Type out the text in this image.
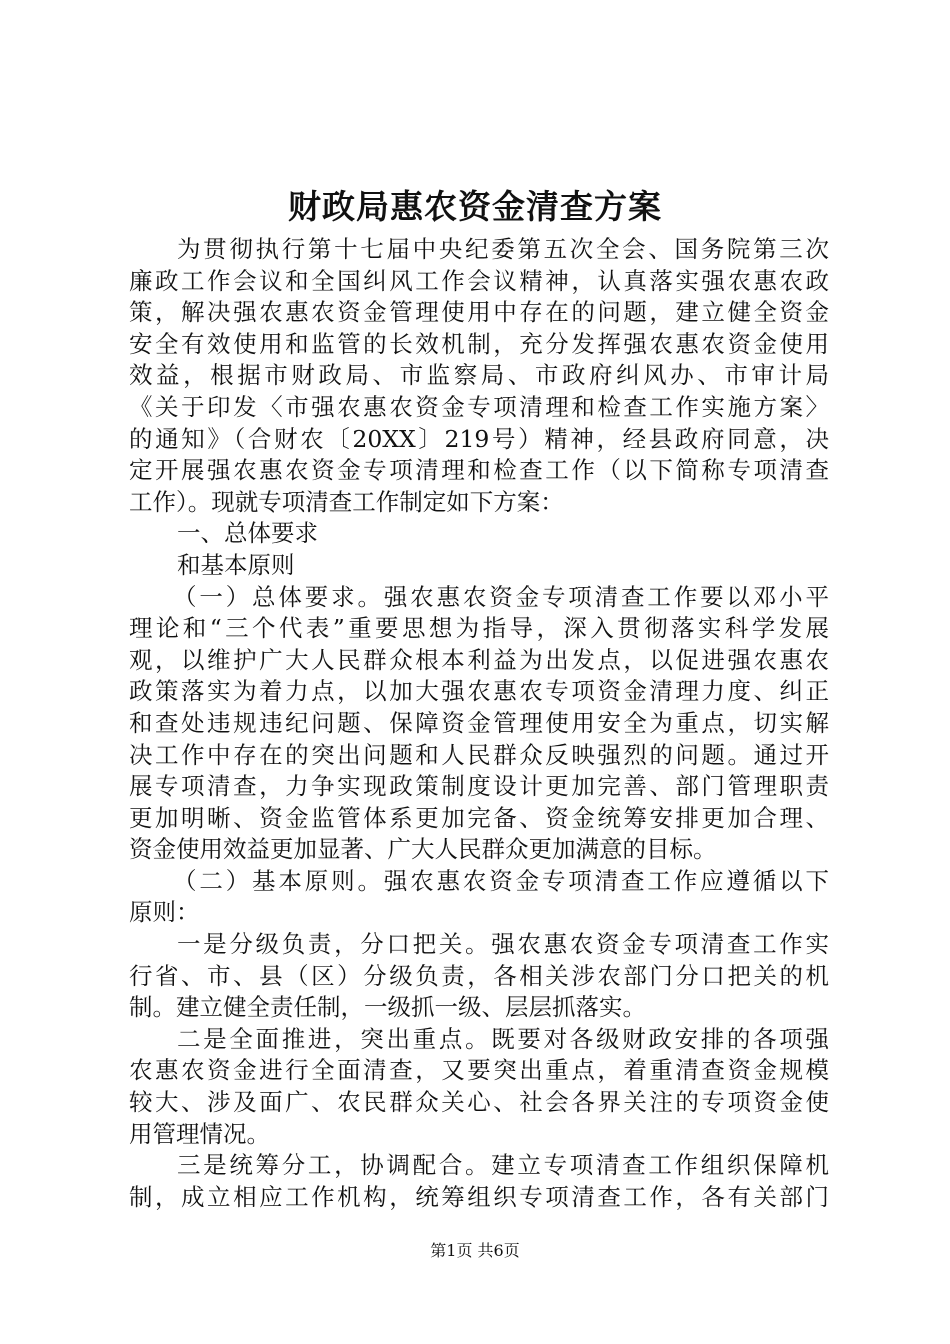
财政局惠农资金清查方案
为贯彻执行第十七届中央纪委第五次全会、国务院第三次
廉政工作会议和全国纠风工作会议精神，认真落实强农惠农政
策，解决强农惠农资金管理使用中存在的问题，建立健全资金
安全有效使用和监管的长效机制，充分发挥强农惠农资金使用
效益，根据市财政局、市监察局、市政府纠风办、市审计局
《关于印发〈市强农惠农资金专项清理和检查工作实施方案〉
的通知》（合财农〔20XX〕219号）精神，经县政府同意，决
定开展强农惠农资金专项清理和检查工作（以下简称专项清查
工作）。现就专项清查工作制定如下方案：
一、总体要求
和基本原则
（一）总体要求。强农惠农资金专项清查工作要以邓小平
理论和“三个代表”重要思想为指导，深入贯彻落实科学发展
观，以维护广大人民群众根本利益为出发点，以促进强农惠农
政策落实为着力点，以加大强农惠农专项资金清理力度、纠正
和查处违规违纪问题、保障资金管理使用安全为重点，切实解
决工作中存在的突出问题和人民群众反映强烈的问题。通过开
展专项清查，力争实现政策制度设计更加完善、部门管理职责
更加明晰、资金监管体系更加完备、资金统筹安排更加合理、
资金使用效益更加显著、广大人民群众更加满意的目标。
（二）基本原则。强农惠农资金专项清查工作应遵循以下
原则：
一是分级负责，分口把关。强农惠农资金专项清查工作实
行省、市、县（区）分级负责，各相关涉农部门分口把关的机
制。建立健全责任制，一级抓一级、层层抓落实。
二是全面推进，突出重点。既要对各级财政安排的各项强
农惠农资金进行全面清查，又要突出重点，着重清查资金规模
较大、涉及面广、农民群众关心、社会各界关注的专项资金使
用管理情况。
三是统筹分工，协调配合。建立专项清查工作组织保障机
制，成立相应工作机构，统筹组织专项清查工作，各有关部门
第1页 共6页
